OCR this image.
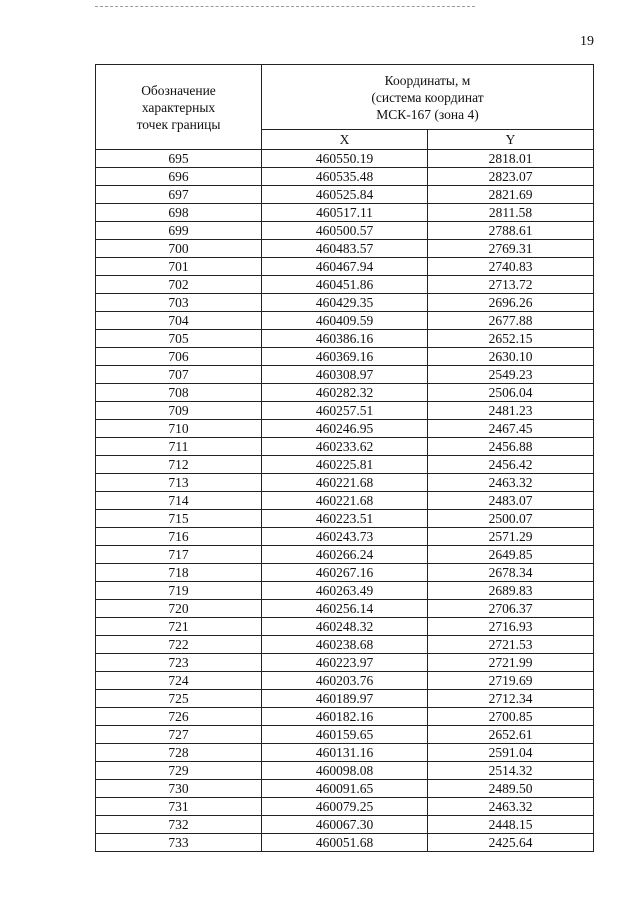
19
Обозначение
характерных
точек границы	Координаты, м
(система координат
МСК-167 (зона 4)	

	X	Y
695	460550.19	2818.01
696	460535.48	2823.07
697	460525.84	2821.69
698	460517.11	2811.58
699	460500.57	2788.61
700	460483.57	2769.31
701	460467.94	2740.83
702	460451.86	2713.72
703	460429.35	2696.26
704	460409.59	2677.88
705	460386.16	2652.15
706	460369.16	2630.10
707	460308.97	2549.23
708	460282.32	2506.04
709	460257.51	2481.23
710	460246.95	2467.45
711	460233.62	2456.88
712	460225.81	2456.42
713	460221.68	2463.32
714	460221.68	2483.07
715	460223.51	2500.07
716	460243.73	2571.29
717	460266.24	2649.85
718	460267.16	2678.34
719	460263.49	2689.83
720	460256.14	2706.37
721	460248.32	2716.93
722	460238.68	2721.53
723	460223.97	2721.99
724	460203.76	2719.69
725	460189.97	2712.34
726	460182.16	2700.85
727	460159.65	2652.61
728	460131.16	2591.04
729	460098.08	2514.32
730	460091.65	2489.50
731	460079.25	2463.32
732	460067.30	2448.15
733	460051.68	2425.64
